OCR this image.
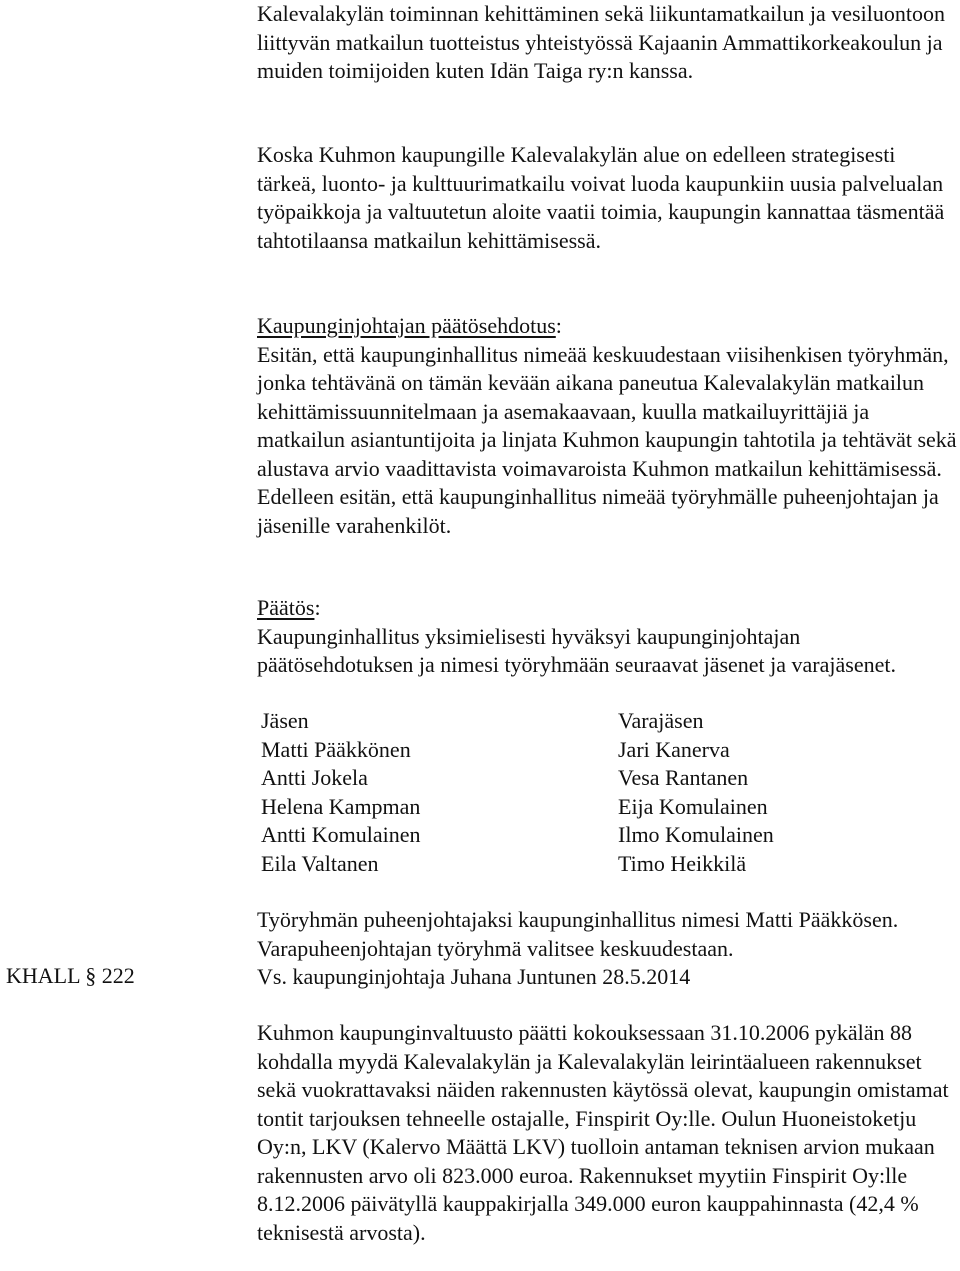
Kalevalakylän toiminnan kehittäminen sekä liikuntamatkailun ja vesiluontoon liittyvän matkailun tuotteistus yhteistyössä Kajaanin Ammattikorkeakoulun ja muiden toimijoiden kuten Idän Taiga ry:n kanssa.

Koska Kuhmon kaupungille Kalevalakylän alue on edelleen strategisesti tärkeä, luonto- ja kulttuurimatkailu voivat luoda kaupunkiin uusia palvelualan työpaikkoja ja valtuutetun aloite vaatii toimia, kaupungin kannattaa täsmentää tahtotilaansa matkailun kehittämisessä.

Kaupunginjohtajan päätösehdotus:

Esitän, että kaupunginhallitus nimeää keskuudestaan viisihenkisen työryhmän, jonka tehtävänä on tämän kevään aikana paneutua Kalevalakylän matkailun kehittämissuunnitelmaan ja asemakaavaan, kuulla matkailuyrittäjiä ja matkailun asiantuntijoita ja linjata Kuhmon kaupungin tahtotila ja tehtävät sekä alustava arvio vaadittavista voimavaroista Kuhmon matkailun kehittämisessä. Edelleen esitän, että kaupunginhallitus nimeää työryhmälle puheenjohtajan ja jäsenille varahenkilöt.

Päätös:

Kaupunginhallitus yksimielisesti hyväksyi kaupunginjohtajan päätösehdotuksen ja nimesi työryhmään seuraavat jäsenet ja varajäsenet.

Jäsen
Matti Pääkkönen
Antti Jokela
Helena Kampman
Antti Komulainen
Eila Valtanen
Varajäsen
Jari Kanerva
Vesa Rantanen
Eija Komulainen
Ilmo Komulainen
Timo Heikkilä

Työryhmän puheenjohtajaksi kaupunginhallitus nimesi Matti Pääkkösen. Varapuheenjohtajan työryhmä valitsee keskuudestaan.

Vs. kaupunginjohtaja Juhana Juntunen 28.5.2014

KHALL § 222

Kuhmon kaupunginvaltuusto päätti kokouksessaan 31.10.2006 pykälän 88 kohdalla myydä Kalevalakylän ja Kalevalakylän leirintäalueen rakennukset sekä vuokrattavaksi näiden rakennusten käytössä olevat, kaupungin omistamat tontit tarjouksen tehneelle ostajalle, Finspirit Oy:lle. Oulun Huoneistoketju Oy:n, LKV (Kalervo Määttä LKV) tuolloin antaman teknisen arvion mukaan rakennusten arvo oli 823.000 euroa. Rakennukset myytiin Finspirit Oy:lle 8.12.2006 päivätyllä kauppakirjalla 349.000 euron kauppahinnasta (42,4 % teknisestä arvosta).
